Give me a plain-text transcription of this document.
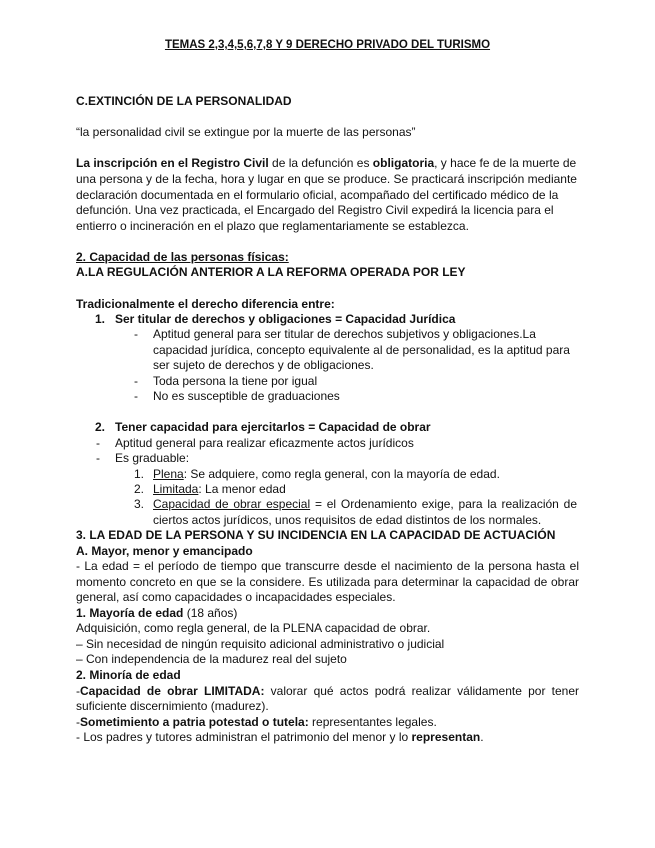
TEMAS 2,3,4,5,6,7,8 Y 9 DERECHO PRIVADO DEL TURISMO
C.EXTINCIÓN DE LA PERSONALIDAD
“la personalidad civil se extingue por la muerte de las personas”
La inscripción en el Registro Civil de la defunción es obligatoria, y hace fe de la muerte de
una persona y de la fecha, hora y lugar en que se produce. Se practicará inscripción mediante
declaración documentada en el formulario oficial, acompañado del certificado médico de la
defunción. Una vez practicada, el Encargado del Registro Civil expedirá la licencia para el
entierro o incineración en el plazo que reglamentariamente se establezca.
2. Capacidad de las personas físicas:
A.LA REGULACIÓN ANTERIOR A LA REFORMA OPERADA POR LEY
Tradicionalmente el derecho diferencia entre:
1. Ser titular de derechos y obligaciones = Capacidad Jurídica
- Aptitud general para ser titular de derechos subjetivos y obligaciones.La
capacidad jurídica, concepto equivalente al de personalidad, es la aptitud para
ser sujeto de derechos y de obligaciones.
- Toda persona la tiene por igual
- No es susceptible de graduaciones
2. Tener capacidad para ejercitarlos = Capacidad de obrar
- Aptitud general para realizar eficazmente actos jurídicos
- Es graduable:
1. Plena: Se adquiere, como regla general, con la mayoría de edad.
2. Limitada: La menor edad
3. Capacidad de obrar especial = el Ordenamiento exige, para la realización de
ciertos actos jurídicos, unos requisitos de edad distintos de los normales.
3. LA EDAD DE LA PERSONA Y SU INCIDENCIA EN LA CAPACIDAD DE ACTUACIÓN
A. Mayor, menor y emancipado
- La edad = el período de tiempo que transcurre desde el nacimiento de la persona hasta el
momento concreto en que se la considere. Es utilizada para determinar la capacidad de obrar
general, así como capacidades o incapacidades especiales.
1. Mayoría de edad (18 años)
Adquisición, como regla general, de la PLENA capacidad de obrar.
– Sin necesidad de ningún requisito adicional administrativo o judicial
– Con independencia de la madurez real del sujeto
2. Minoría de edad
-Capacidad de obrar LIMITADA: valorar qué actos podrá realizar válidamente por tener
suficiente discernimiento (madurez).
-Sometimiento a patria potestad o tutela: representantes legales.
- Los padres y tutores administran el patrimonio del menor y lo representan.
